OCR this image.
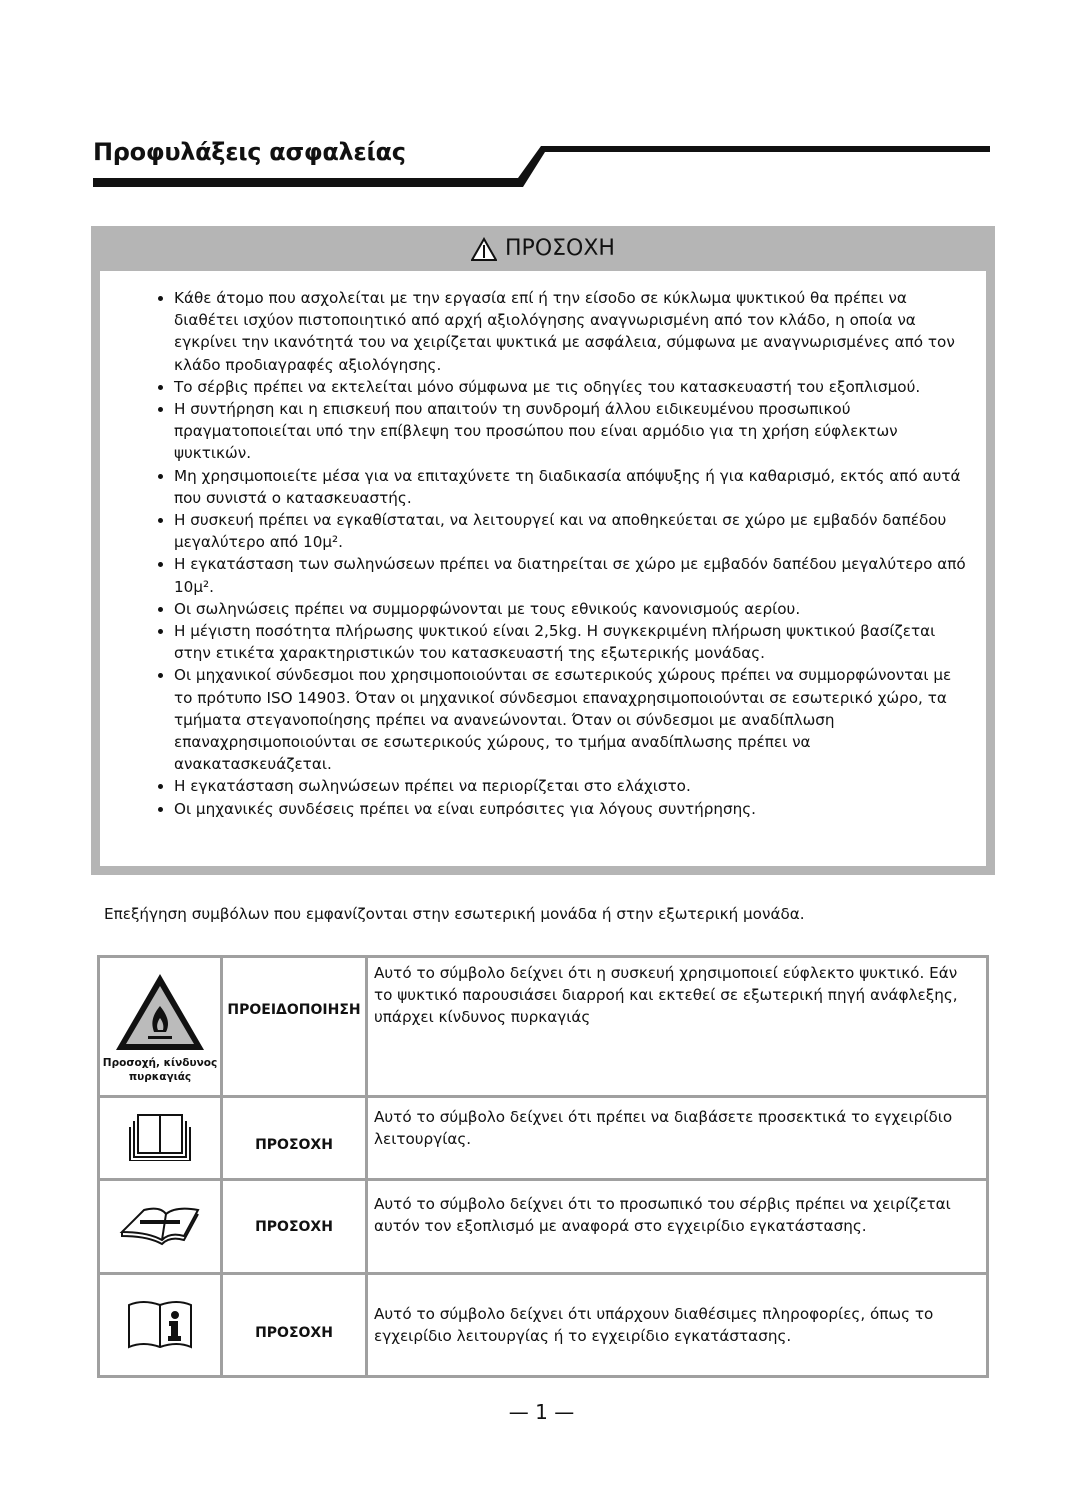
Προφυλάξεις ασφαλείας
ΠΡΟΣΟΧΗ
• Κάθε άτομο που ασχολείται με την εργασία επί ή την είσοδο σε κύκλωμα ψυκτικού θα πρέπει να διαθέτει ισχύον πιστοποιητικό από αρχή αξιολόγησης αναγνωρισμένη από τον κλάδο, η οποία να εγκρίνει την ικανότητά του να χειρίζεται ψυκτικά με ασφάλεια, σύμφωνα με αναγνωρισμένες από τον κλάδο προδιαγραφές αξιολόγησης.
• Το σέρβις πρέπει να εκτελείται μόνο σύμφωνα με τις οδηγίες του κατασκευαστή του εξοπλισμού.
• Η συντήρηση και η επισκευή που απαιτούν τη συνδρομή άλλου ειδικευμένου προσωπικού πραγματοποιείται υπό την επίβλεψη του προσώπου που είναι αρμόδιο για τη χρήση εύφλεκτων ψυκτικών.
• Μη χρησιμοποιείτε μέσα για να επιταχύνετε τη διαδικασία απόψυξης ή για καθαρισμό, εκτός από αυτά που συνιστά ο κατασκευαστής.
• Η συσκευή πρέπει να εγκαθίσταται, να λειτουργεί και να αποθηκεύεται σε χώρο με εμβαδόν δαπέδου μεγαλύτερο από 10μ².
• Η εγκατάσταση των σωληνώσεων πρέπει να διατηρείται σε χώρο με εμβαδόν δαπέδου μεγαλύτερο από 10μ².
• Οι σωληνώσεις πρέπει να συμμορφώνονται με τους εθνικούς κανονισμούς αερίου.
• Η μέγιστη ποσότητα πλήρωσης ψυκτικού είναι 2,5kg. Η συγκεκριμένη πλήρωση ψυκτικού βασίζεται στην ετικέτα χαρακτηριστικών του κατασκευαστή της εξωτερικής μονάδας.
• Οι μηχανικοί σύνδεσμοι που χρησιμοποιούνται σε εσωτερικούς χώρους πρέπει να συμμορφώνονται με το πρότυπο ISO 14903. Όταν οι μηχανικοί σύνδεσμοι επαναχρησιμοποιούνται σε εσωτερικό χώρο, τα τμήματα στεγανοποίησης πρέπει να ανανεώνονται. Όταν οι σύνδεσμοι με αναδίπλωση επαναχρησιμοποιούνται σε εσωτερικούς χώρους, το τμήμα αναδίπλωσης πρέπει να ανακατασκευάζεται.
• Η εγκατάσταση σωληνώσεων πρέπει να περιορίζεται στο ελάχιστο.
• Οι μηχανικές συνδέσεις πρέπει να είναι ευπρόσιτες για λόγους συντήρησης.
Επεξήγηση συμβόλων που εμφανίζονται στην εσωτερική μονάδα ή στην εξωτερική μονάδα.
Προσοχή, κίνδυνος πυρκαγιάς	ΠΡΟΕΙΔΟΠΟΙΗΣΗ	Αυτό το σύμβολο δείχνει ότι η συσκευή χρησιμοποιεί εύφλεκτο ψυκτικό. Εάν το ψυκτικό παρουσιάσει διαρροή και εκτεθεί σε εξωτερική πηγή ανάφλεξης, υπάρχει κίνδυνος πυρκαγιάς
	ΠΡΟΣΟΧΗ	Αυτό το σύμβολο δείχνει ότι πρέπει να διαβάσετε προσεκτικά το εγχειρίδιο λειτουργίας.
	ΠΡΟΣΟΧΗ	Αυτό το σύμβολο δείχνει ότι το προσωπικό του σέρβις πρέπει να χειρίζεται αυτόν τον εξοπλισμό με αναφορά στο εγχειρίδιο εγκατάστασης.
	ΠΡΟΣΟΧΗ	Αυτό το σύμβολο δείχνει ότι υπάρχουν διαθέσιμες πληροφορίες, όπως το εγχειρίδιο λειτουργίας ή το εγχειρίδιο εγκατάστασης.
— 1 —
